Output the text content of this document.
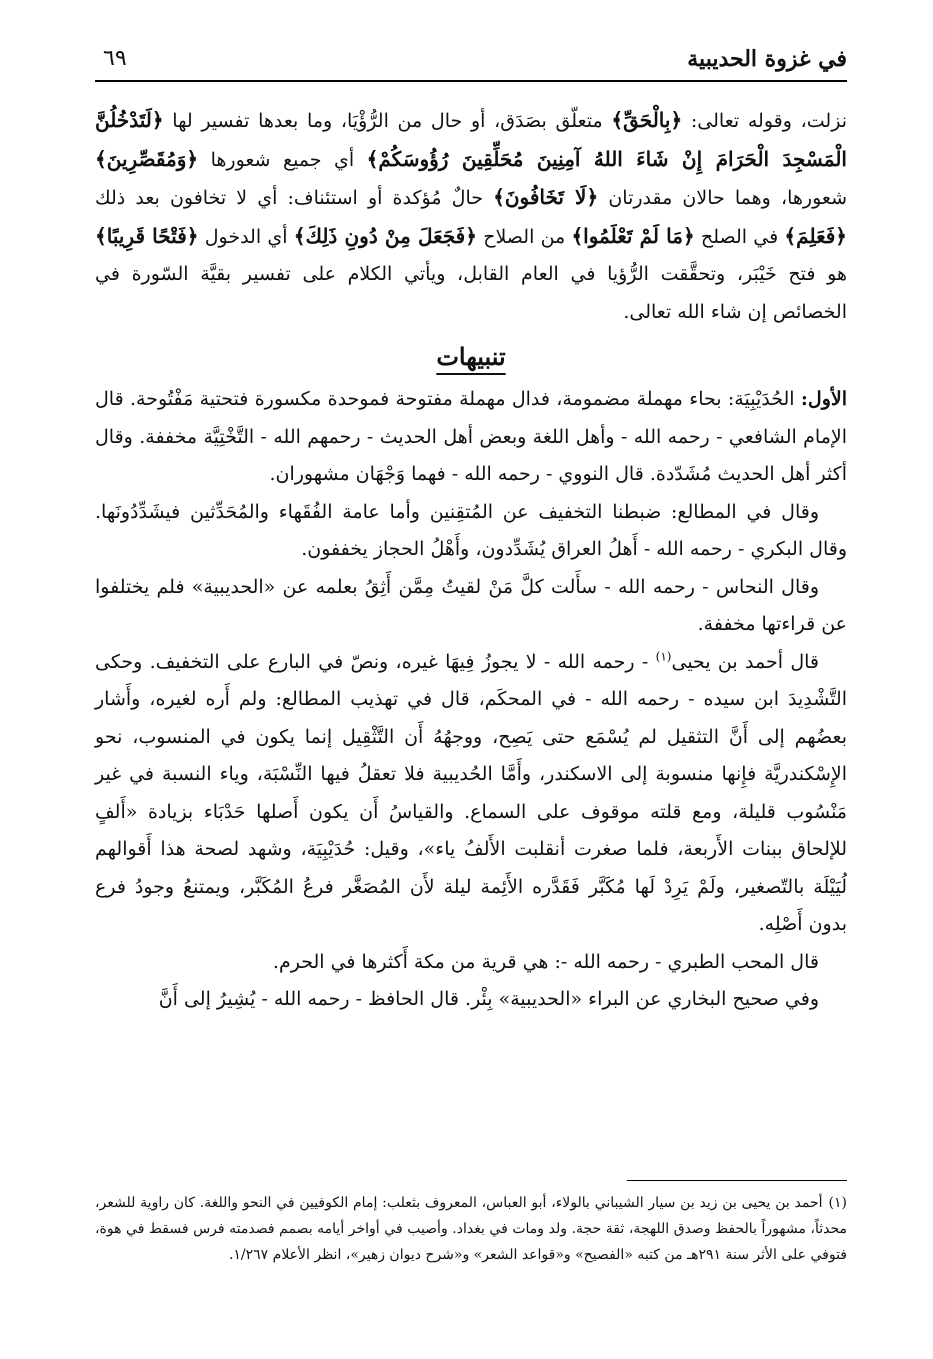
في غزوة الحديبية
٦٩

نزلت، وقوله تعالى: ﴿بِالْحَقِّ﴾ متعلّق بصَدَق، أو حال من الرُّؤْيَا، وما بعدها تفسير لها ﴿لَتَدْخُلُنَّ الْمَسْجِدَ الْحَرَامَ إِنْ شَاءَ اللهُ آمِنِينَ مُحَلِّقِينَ رُؤُوسَكُمْ﴾ أي جميع شعورها ﴿وَمُقَصِّرِينَ﴾ شعورها، وهما حالان مقدرتان ﴿لَا تَخَافُونَ﴾ حالٌ مُؤكدة أو استئناف: أي لا تخافون بعد ذلك ﴿فَعَلِمَ﴾ في الصلح ﴿مَا لَمْ تَعْلَمُوا﴾ من الصلاح ﴿فَجَعَلَ مِنْ دُونِ ذَلِكَ﴾ أي الدخول ﴿فَتْحًا قَرِيبًا﴾ هو فتح خَيْبَر، وتحقَّقت الرُّؤيا في العام القابل، ويأتي الكلام على تفسير بقيَّة السّورة في الخصائص إن شاء الله تعالى.

تنبيهات

الأول: الحُدَيْبِيَة: بحاء مهملة مضمومة، فدال مهملة مفتوحة فموحدة مكسورة فتحتية مَفْتُوحة. قال الإمام الشافعي - رحمه الله - وأهل اللغة وبعض أهل الحديث - رحمهم الله - التَّخْتِيَّة مخففة. وقال أكثر أهل الحديث مُشَدّدة. قال النووي - رحمه الله - فهما وَجْهَان مشهوران.

وقال في المطالع: ضبطنا التخفيف عن المُتقِنين وأما عامة الفُقَهاء والمُحَدِّثين فيشَدِّدُونَها. وقال البكري - رحمه الله - أَهلُ العراق يُشَدِّدون، وأَهْلُ الحجاز يخففون.

وقال النحاس - رحمه الله - سأَلت كلَّ مَنْ لقيتُ مِمَّن أَثِقُ بعلمه عن «الحديبية» فلم يختلفوا عن قراءتها مخففة.

قال أحمد بن يحيى$^{(١)}$ - رحمه الله - لا يجوزُ فِيهَا غيره، ونصّ في البارع على التخفيف. وحكى التَّشْدِيدَ ابن سيده - رحمه الله - في المحكَم، قال في تهذيب المطالع: ولم أَره لغيره، وأَشار بعضُهم إلى أَنَّ التثقيل لم يُسْمَع حتى يَصِح، ووجهُهُ أَن التَّثْقِيل إنما يكون في المنسوب، نحو الإِسْكندريَّة فإِنها منسوبة إلى الاسكندر، وأَمَّا الحُديبية فلا تعقلُ فيها النِّسْبَة، وياء النسبة في غير مَنْسُوب قليلة، ومع قلته موقوف على السماع. والقياسُ أَن يكون أَصلها حَدْبَاء بزيادة «أَلفٍ للإلحاق ببنات الأَربعة، فلما صغرت أنقلبت الأَلفُ ياء»، وقيل: حُدَيْبِيَة، وشهد لصحة هذا أَقوالهم لُيَيْلَة بالتّصغير، ولَمْ يَرِدْ لَها مُكَبَّر فَقَدَّره الأَئِمة ليلة لأَن المُصَغَّر فرعُ المُكَبَّر، ويمتنعُ وجودُ فرع بدون أَصْلِه.

قال المحب الطبري - رحمه الله -: هي قرية من مكة أَكثرها في الحرم.

وفي صحيح البخاري عن البراء «الحديبية» بِئْر. قال الحافظ - رحمه الله - يُشِيرُ إلى أَنَّ

(١)أحمد بن يحيى بن زيد بن سيار الشيباني بالولاء، أبو العباس، المعروف بثعلب: إمام الكوفيين في النحو واللغة. كان راوية للشعر، محدثاً، مشهوراً بالحفظ وصدق اللهجة، ثقة حجة. ولد ومات في بغداد. وأصيب في أواخر أيامه بصمم فصدمته فرس فسقط في هوة، فتوفي على الأثر سنة ٢٩١هـ من كتبه «الفصيح» و«قواعد الشعر» و«شرح ديوان زهير»، انظر الأعلام ١/٢٦٧.
